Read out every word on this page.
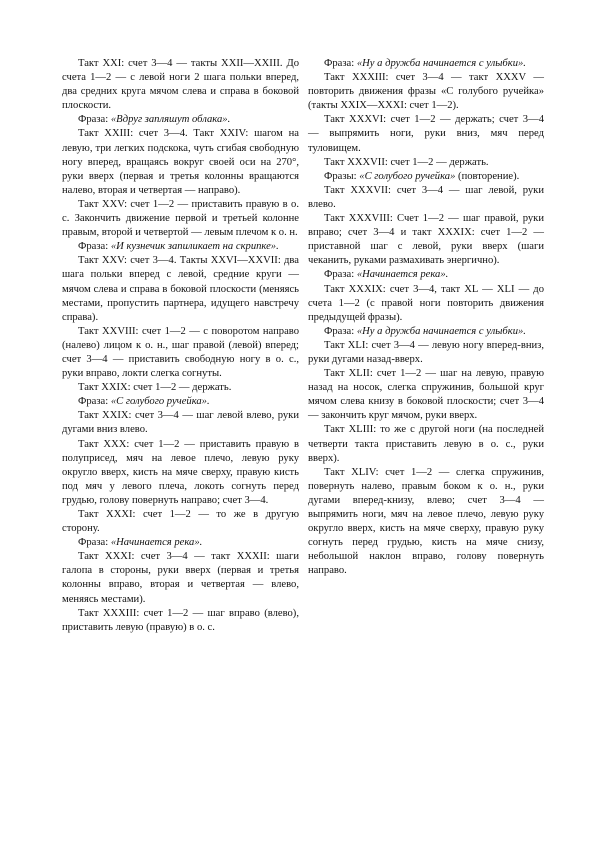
Такт XXI: счет 3—4 — такты XXII—XXIII. До счета 1—2 — с левой ноги 2 шага польки вперед, два средних круга мячом слева и справа в боковой плоскости.

Фраза: «Вдруг запляшут облака».

Такт XXIII: счет 3—4. Такт XXIV: шагом на левую, три легких подскока, чуть сгибая свободную ногу вперед, вращаясь вокруг своей оси на 270°, руки вверх (первая и третья колонны вращаются налево, вторая и четвертая — направо).

Такт XXV: счет 1—2 — приставить правую в о. с. Закончить движение первой и третьей колонне правым, второй и четвертой — левым плечом к о. н.

Фраза: «И кузнечик запиликает на скрипке».

Такт XXV: счет 3—4. Такты XXVI—XXVII: два шага польки вперед с левой, средние круги — мячом слева и справа в боковой плоскости (меняясь местами, пропустить партнера, идущего навстречу справа).

Такт XXVIII: счет 1—2 — с поворотом направо (налево) лицом к о. н., шаг правой (левой) вперед; счет 3—4 — приставить свободную ногу в о. с., руки вправо, локти слегка согнуты.

Такт XXIX: счет 1—2 — держать.

Фраза: «С голубого ручейка».

Такт XXIX: счет 3—4 — шаг левой влево, руки дугами вниз влево.

Такт XXX: счет 1—2 — приставить правую в полуприсед, мяч на левое плечо, левую руку округло вверх, кисть на мяче сверху, правую кисть под мяч у левого плеча, локоть согнуть перед грудью, голову повернуть направо; счет 3—4.

Такт XXXI: счет 1—2 — то же в другую сторону.

Фраза: «Начинается река».

Такт XXXI: счет 3—4 — такт XXXII: шаги галопа в стороны, руки вверх (первая и третья колонны вправо, вторая и четвертая — влево, меняясь местами).

Такт XXXIII: счет 1—2 — шаг вправо (влево), приставить левую (правую) в о. с.

Фраза: «Ну а дружба начинается с улыбки».

Такт XXXIII: счет 3—4 — такт XXXV — повторить движения фразы «С голубого ручейка» (такты XXIX—XXXI: счет 1—2).

Такт XXXVI: счет 1—2 — держать; счет 3—4 — выпрямить ноги, руки вниз, мяч перед туловищем.

Такт XXXVII: счет 1—2 — держать.

Фразы: «С голубого ручейка» (повторение).

Такт XXXVII: счет 3—4 — шаг левой, руки влево.

Такт XXXVIII: Счет 1—2 — шаг правой, руки вправо; счет 3—4 и такт XXXIX: счет 1—2 — приставной шаг с левой, руки вверх (шаги чеканить, руками размахивать энергично).

Фраза: «Начинается река».

Такт XXXIX: счет 3—4, такт XL — XLI — до счета 1—2 (с правой ноги повторить движения предыдущей фразы).

Фраза: «Ну а дружба начинается с улыбки».

Такт XLI: счет 3—4 — левую ногу вперед-вниз, руки дугами назад-вверх.

Такт XLII: счет 1—2 — шаг на левую, правую назад на носок, слегка спружинив, большой круг мячом слева книзу в боковой плоскости; счет 3—4 — закончить круг мячом, руки вверх.

Такт XLIII: то же с другой ноги (на последней четверти такта приставить левую в о. с., руки вверх).

Такт XLIV: счет 1—2 — слегка спружинив, повернуть налево, правым боком к о. н., руки дугами вперед-книзу, влево; счет 3—4 — выпрямить ноги, мяч на левое плечо, левую руку округло вверх, кисть на мяче сверху, правую руку согнуть перед грудью, кисть на мяче снизу, небольшой наклон вправо, голову повернуть направо.
